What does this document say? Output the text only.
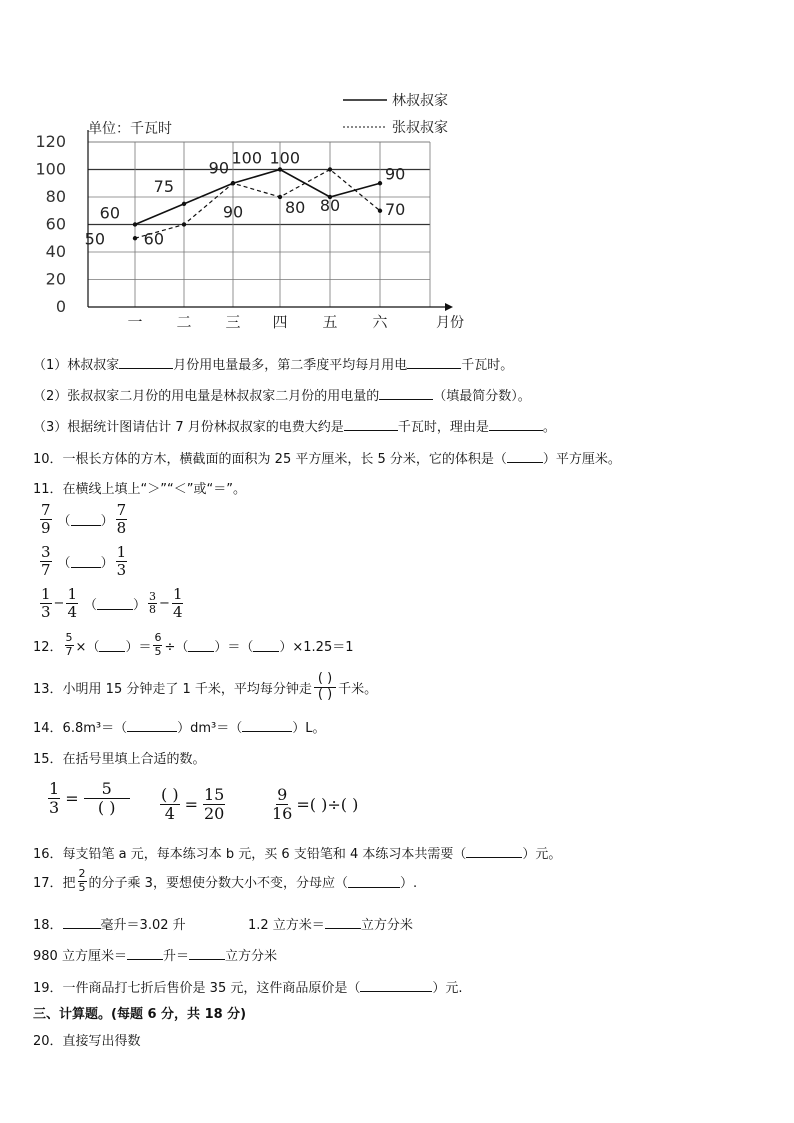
0
20
40
60
80
100
120
一 二 三 四 五 六
60
75
90
100
80
90
50 60
90	80
100
70
单位：千瓦时
林叔叔家
张叔叔家
月份
（1）林叔叔家	月份用电量最多，第二季度平均每月用电	千瓦时。
（2）张叔叔家二月份的用电量是林叔叔家二月份的用电量的	（填最简分数）。
（3）根据统计图请估计 7 月份林叔叔家的电费大约是	千瓦时，理由是	。
10．一根长方体的方木，横截面的面积为 25 平方厘米，长 5 分米，它的体积是（	）平方厘米。
11．在横线上填上“＞”“＜”或“＝”。
$\frac{7}{9}$ （ ） $\frac{7}{8}$
$\frac{3}{7}$ （ ） $\frac{1}{3}$
$\frac{1}{3} - \frac{1}{4}$ （	） $\frac{3}{8} - \frac{1}{4}$
12． $\frac{5}{7}$ ×（ ）＝ $\frac{6}{5}$ ÷（ ）＝（ ）×1.25＝1
13．小明用 15 分钟走了 1 千米，平均每分钟走 $\frac{( )}{( )}$ 千米。
14．6.8m³＝（	）dm³＝（	）L。
15．在括号里填上合适的数。
$\frac{1}{3} = \frac{5}{( )} \frac{( )}{4} = \frac{15}{20}$	$\frac{9}{16}$ =( )÷( )
16．每支铅笔 a 元，每本练习本 b 元，买 6 支铅笔和 4 本练习本共需要（	）元。
17．把 $\frac{2}{5}$ 的分子乘 3，要想使分数大小不变，分母应（	）.
18．	毫升＝3.02 升	1.2 立方米＝	立方分米
980 立方厘米＝	升＝	立方分米
19．一件商品打七折后售价是 35 元，这件商品原价是（	）元.
三、计算题。(每题 6 分，共 18 分)
20．直接写出得数
